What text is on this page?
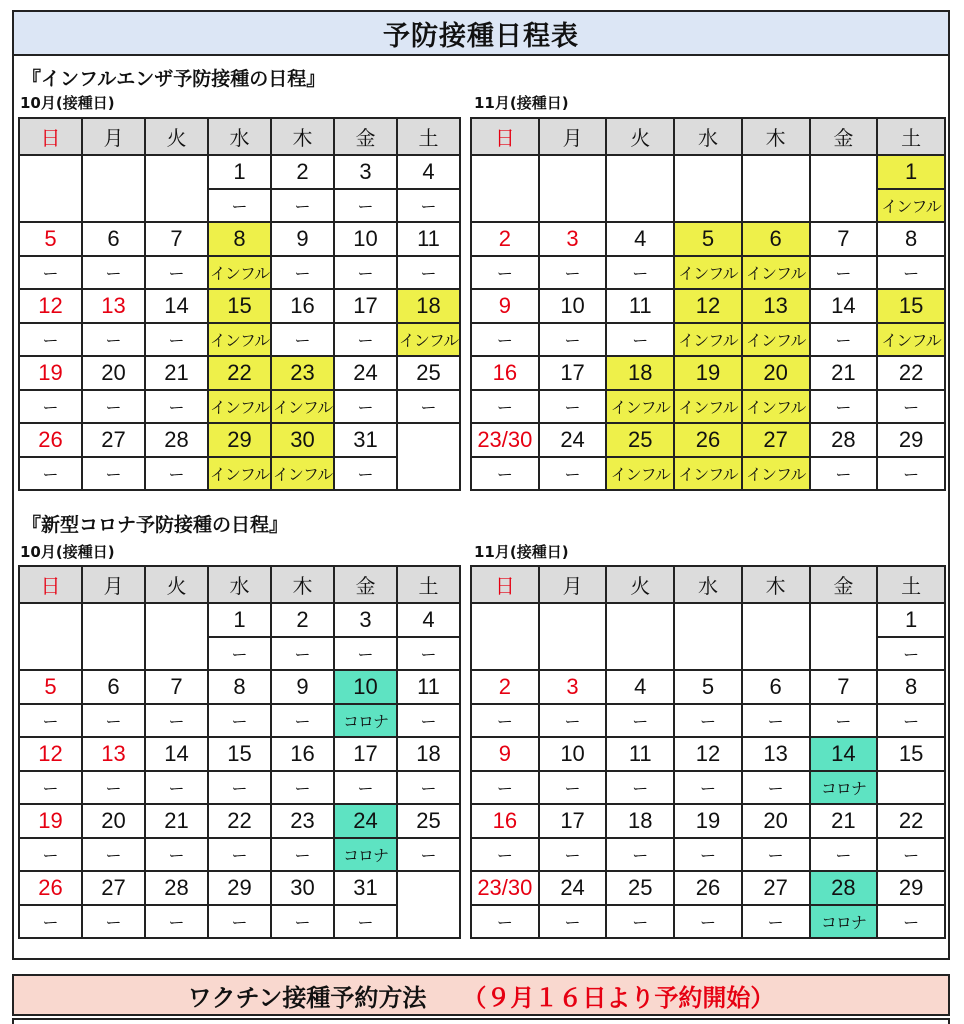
予防接種日程表
『インフルエンザ予防接種の日程』
10月(接種日)	11月(接種日)
日	月	火	水	木	金	土
			1	2	3	4
			ー	ー	ー	ー
5	6	7	8	9	10	11
ー	ー	ー	インフル	ー	ー	ー
12	13	14	15	16	17	18
ー	ー	ー	インフル	ー	ー	インフル
19	20	21	22	23	24	25
ー	ー	ー	インフル	インフル	ー	ー
26	27	28	29	30	31	
ー	ー	ー	インフル	インフル	ー	
日	月	火	水	木	金	土
						1
						インフル
2	3	4	5	6	7	8
ー	ー	ー	インフル	インフル	ー	ー
9	10	11	12	13	14	15
ー	ー	ー	インフル	インフル	ー	インフル
16	17	18	19	20	21	22
ー	ー	インフル	インフル	インフル	ー	ー
23/30	24	25	26	27	28	29
ー	ー	インフル	インフル	インフル	ー	ー
『新型コロナ予防接種の日程』
10月(接種日)	11月(接種日)
日	月	火	水	木	金	土
			1	2	3	4
			ー	ー	ー	ー
5	6	7	8	9	10	11
ー	ー	ー	ー	ー	コロナ	ー
12	13	14	15	16	17	18
ー	ー	ー	ー	ー	ー	ー
19	20	21	22	23	24	25
ー	ー	ー	ー	ー	コロナ	ー
26	27	28	29	30	31	
ー	ー	ー	ー	ー	ー	
日	月	火	水	木	金	土
						1
						ー
2	3	4	5	6	7	8
ー	ー	ー	ー	ー	ー	ー
9	10	11	12	13	14	15
ー	ー	ー	ー	ー	コロナ	
16	17	18	19	20	21	22
ー	ー	ー	ー	ー	ー	ー
23/30	24	25	26	27	28	29
ー	ー	ー	ー	ー	コロナ	ー
ワクチン接種予約方法 （９月１６日より予約開始）
